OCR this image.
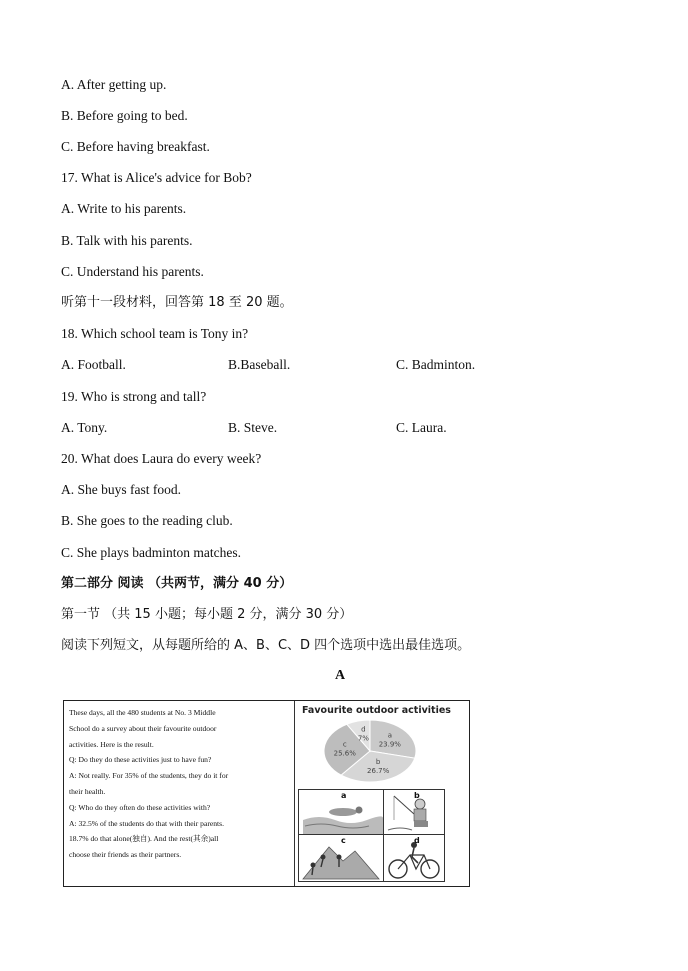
A. After getting up.
B. Before going to bed.
C. Before having breakfast.
17. What is Alice's advice for Bob?
A. Write to his parents.
B. Talk with his parents.
C. Understand his parents.
听第十一段材料，回答第 18 至 20 题。
18. Which school team is Tony in?
A. Football.	B.Baseball.	C. Badminton.
19. Who is strong and tall?
A. Tony.	B. Steve.	C. Laura.
20. What does Laura do every week?
A. She buys fast food.
B. She goes to the reading club.
C. She plays badminton matches.
第二部分 阅读 （共两节，满分 40 分）
第一节 （共 15 小题；每小题 2 分，满分 30 分）
阅读下列短文，从每题所给的 A、B、C、D 四个选项中选出最佳选项。
A

These days, all the 480 students at No. 3 Middle

School do a survey about their favourite outdoor

activities. Here is the result.

Q: Do they do these activities just to have fun?

A: Not really. For 35% of the students, they do it for

their health.

Q: Who do they often do these activities with?

A: 32.5% of the students do that with their parents.

18.7% do that alone(独自). And the rest(其余)all

choose their friends as their partners.

Favourite outdoor activities
a
23.9%
b
26.7%
c
25.6%
d
7%
a	b
c	d
